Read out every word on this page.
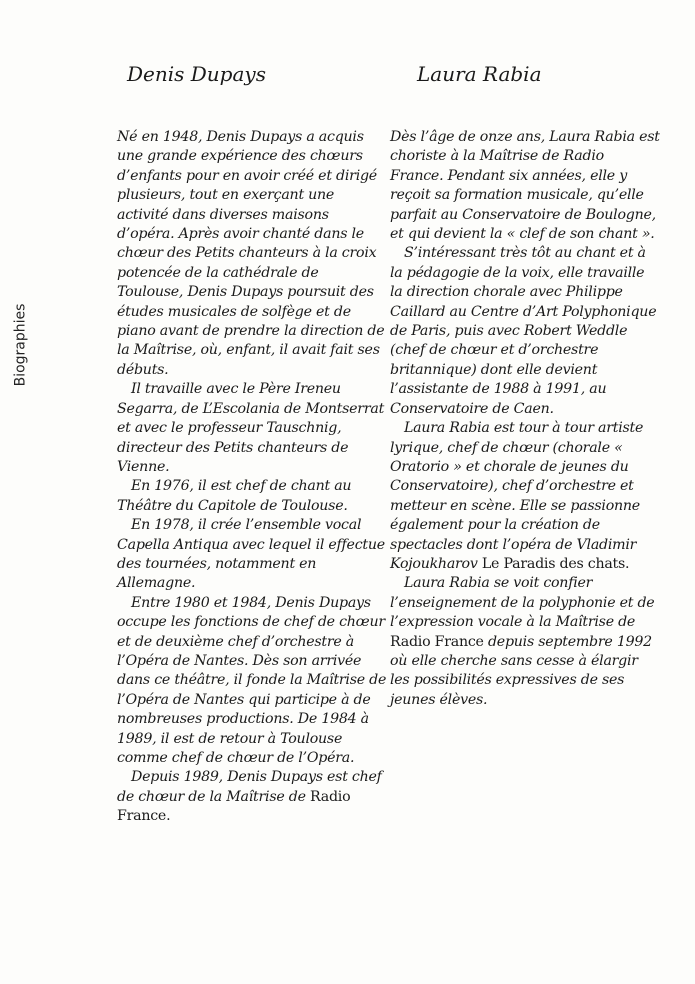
Biographies
Denis Dupays

Né en 1948, Denis Dupays a acquis une grande expérience des chœurs d’enfants pour en avoir créé et dirigé plusieurs, tout en exerçant une activité dans diverses maisons d’opéra. Après avoir chanté dans le chœur des Petits chanteurs à la croix potencée de la cathédrale de Toulouse, Denis Dupays poursuit des études musicales de solfège et de piano avant de prendre la direction de la Maîtrise, où, enfant, il avait fait ses débuts.

Il travaille avec le Père Ireneu Segarra, de L’Escolania de Montserrat et avec le professeur Tauschnig, directeur des Petits chanteurs de Vienne.

En 1976, il est chef de chant au Théâtre du Capitole de Toulouse.

En 1978, il crée l’ensemble vocal Capella Antiqua avec lequel il effectue des tournées, notamment en Allemagne.

Entre 1980 et 1984, Denis Dupays occupe les fonctions de chef de chœur et de deuxième chef d’orchestre à l’Opéra de Nantes. Dès son arrivée dans ce théâtre, il fonde la Maîtrise de l’Opéra de Nantes qui participe à de nombreuses productions. De 1984 à 1989, il est de retour à Toulouse comme chef de chœur de l’Opéra.

Depuis 1989, Denis Dupays est chef de chœur de la Maîtrise de Radio France.

Laura Rabia

Dès l’âge de onze ans, Laura Rabia est choriste à la Maîtrise de Radio France. Pendant six années, elle y reçoit sa formation musicale, qu’elle parfait au Conservatoire de Boulogne, et qui devient la « clef de son chant ».

S’intéressant très tôt au chant et à la pédagogie de la voix, elle travaille la direction chorale avec Philippe Caillard au Centre d’Art Polyphonique de Paris, puis avec Robert Weddle (chef de chœur et d’orchestre britannique) dont elle devient l’assistante de 1988 à 1991, au Conservatoire de Caen.

Laura Rabia est tour à tour artiste lyrique, chef de chœur (chorale « Oratorio » et chorale de jeunes du Conservatoire), chef d’orchestre et metteur en scène. Elle se passionne également pour la création de spectacles dont l’opéra de Vladimir Kojoukharov Le Paradis des chats.

Laura Rabia se voit confier l’enseignement de la polyphonie et de l’expression vocale à la Maîtrise de Radio France depuis septembre 1992 où elle cherche sans cesse à élargir les possibilités expressives de ses jeunes élèves.
